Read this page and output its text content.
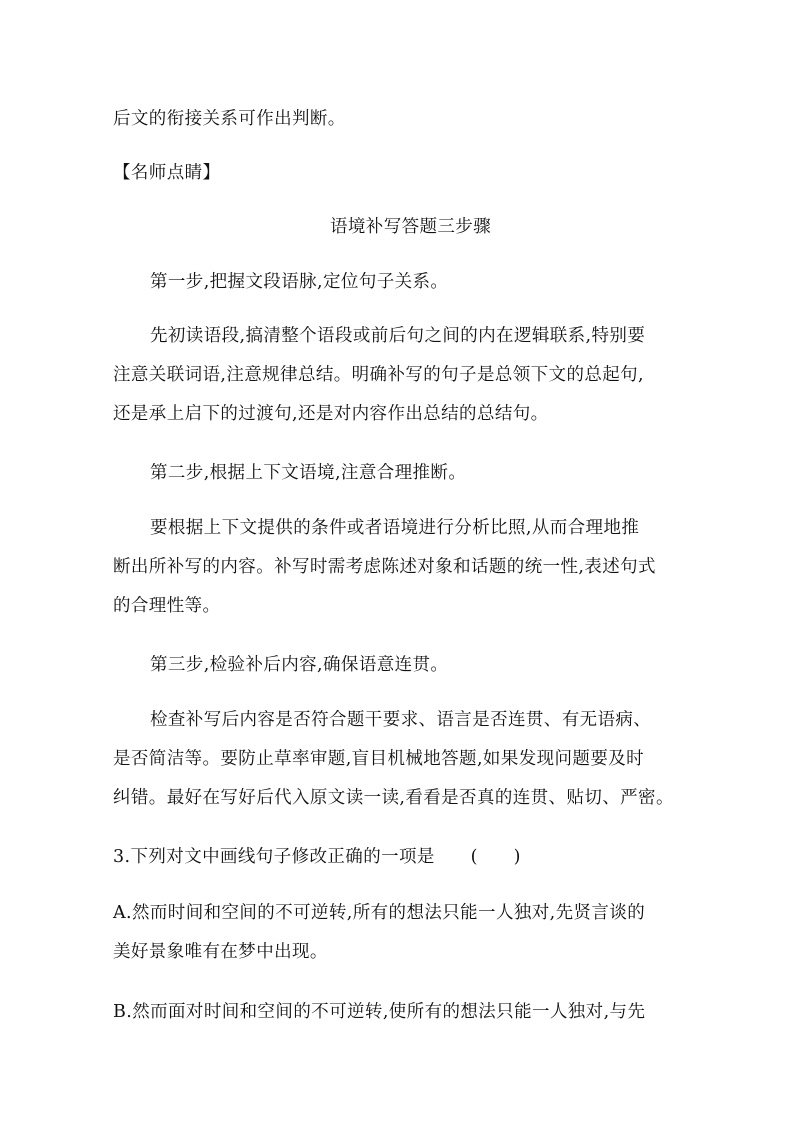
后文的衔接关系可作出判断。
【名师点睛】
语境补写答题三步骤
第一步,把握文段语脉,定位句子关系。
先初读语段,搞清整个语段或前后句之间的内在逻辑联系,特别要
注意关联词语,注意规律总结。明确补写的句子是总领下文的总起句,
还是承上启下的过渡句,还是对内容作出总结的总结句。
第二步,根据上下文语境,注意合理推断。
要根据上下文提供的条件或者语境进行分析比照,从而合理地推
断出所补写的内容。补写时需考虑陈述对象和话题的统一性,表述句式
的合理性等。
第三步,检验补后内容,确保语意连贯。
检查补写后内容是否符合题干要求、语言是否连贯、有无语病、
是否简洁等。要防止草率审题,盲目机械地答题,如果发现问题要及时
纠错。最好在写好后代入原文读一读,看看是否真的连贯、贴切、严密。
3.下列对文中画线句子修改正确的一项是　　(　　)
A.然而时间和空间的不可逆转,所有的想法只能一人独对,先贤言谈的
美好景象唯有在梦中出现。
B.然而面对时间和空间的不可逆转,使所有的想法只能一人独对,与先
